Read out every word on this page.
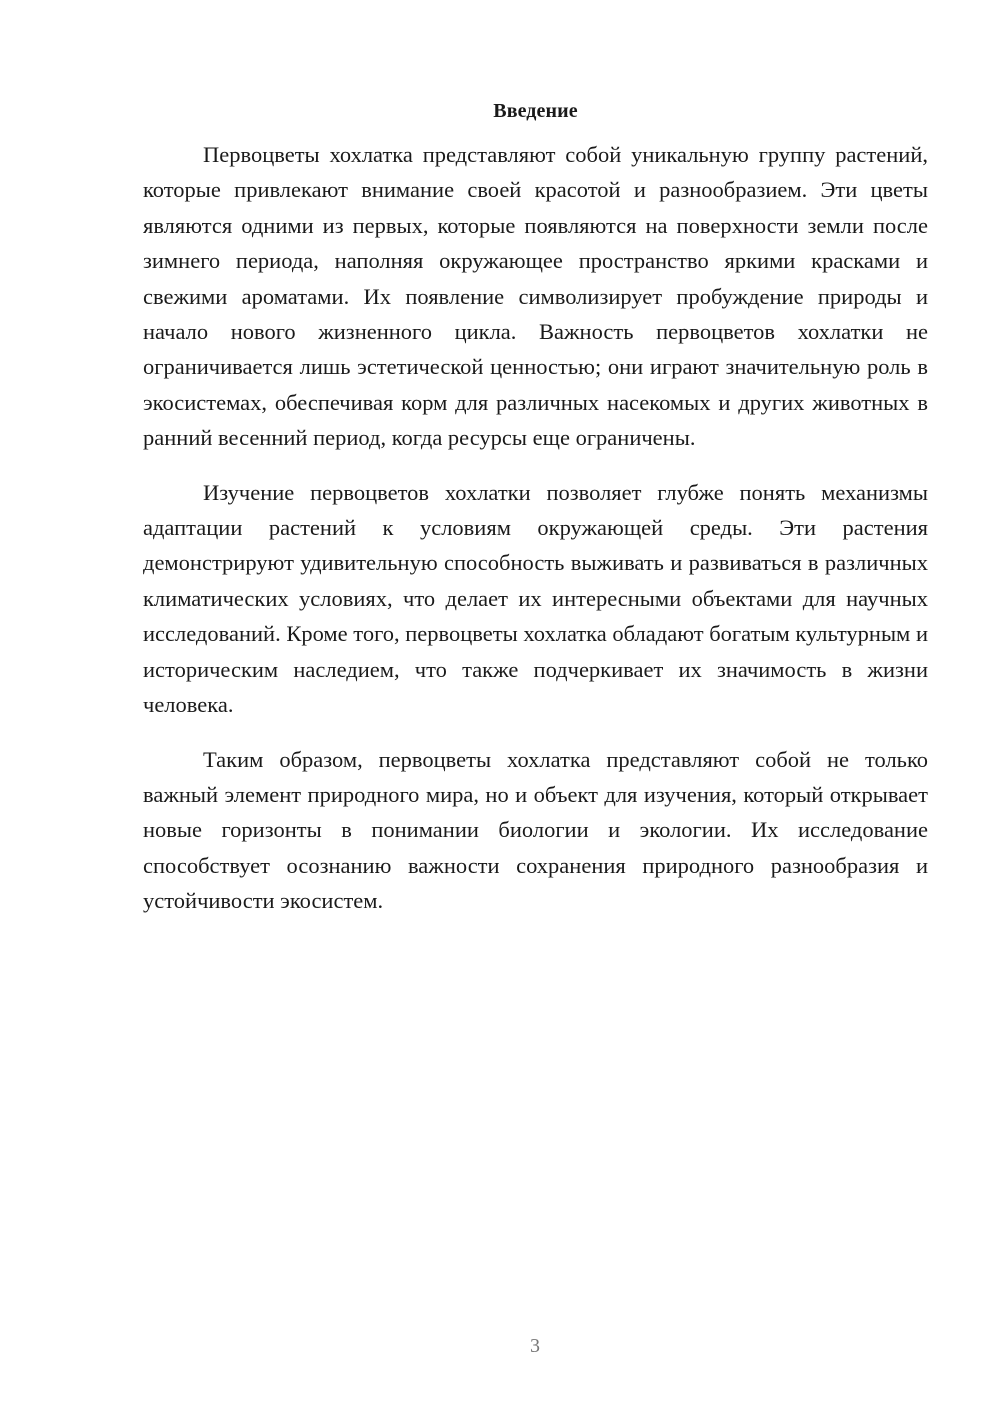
Введение

Первоцветы хохлатка представляют собой уникальную группу растений, которые привлекают внимание своей красотой и разнообразием. Эти цветы являются одними из первых, которые появляются на поверхности земли после зимнего периода, наполняя окружающее пространство яркими красками и свежими ароматами. Их появление символизирует пробуждение природы и начало нового жизненного цикла. Важность первоцветов хохлатки не ограничивается лишь эстетической ценностью; они играют значительную роль в экосистемах, обеспечивая корм для различных насекомых и других животных в ранний весенний период, когда ресурсы еще ограничены.

Изучение первоцветов хохлатки позволяет глубже понять механизмы адаптации растений к условиям окружающей среды. Эти растения демонстрируют удивительную способность выживать и развиваться в различных климатических условиях, что делает их интересными объектами для научных исследований. Кроме того, первоцветы хохлатка обладают богатым культурным и историческим наследием, что также подчеркивает их значимость в жизни человека.

Таким образом, первоцветы хохлатка представляют собой не только важный элемент природного мира, но и объект для изучения, который открывает новые горизонты в понимании биологии и экологии. Их исследование способствует осознанию важности сохранения природного разнообразия и устойчивости экосистем.

3
